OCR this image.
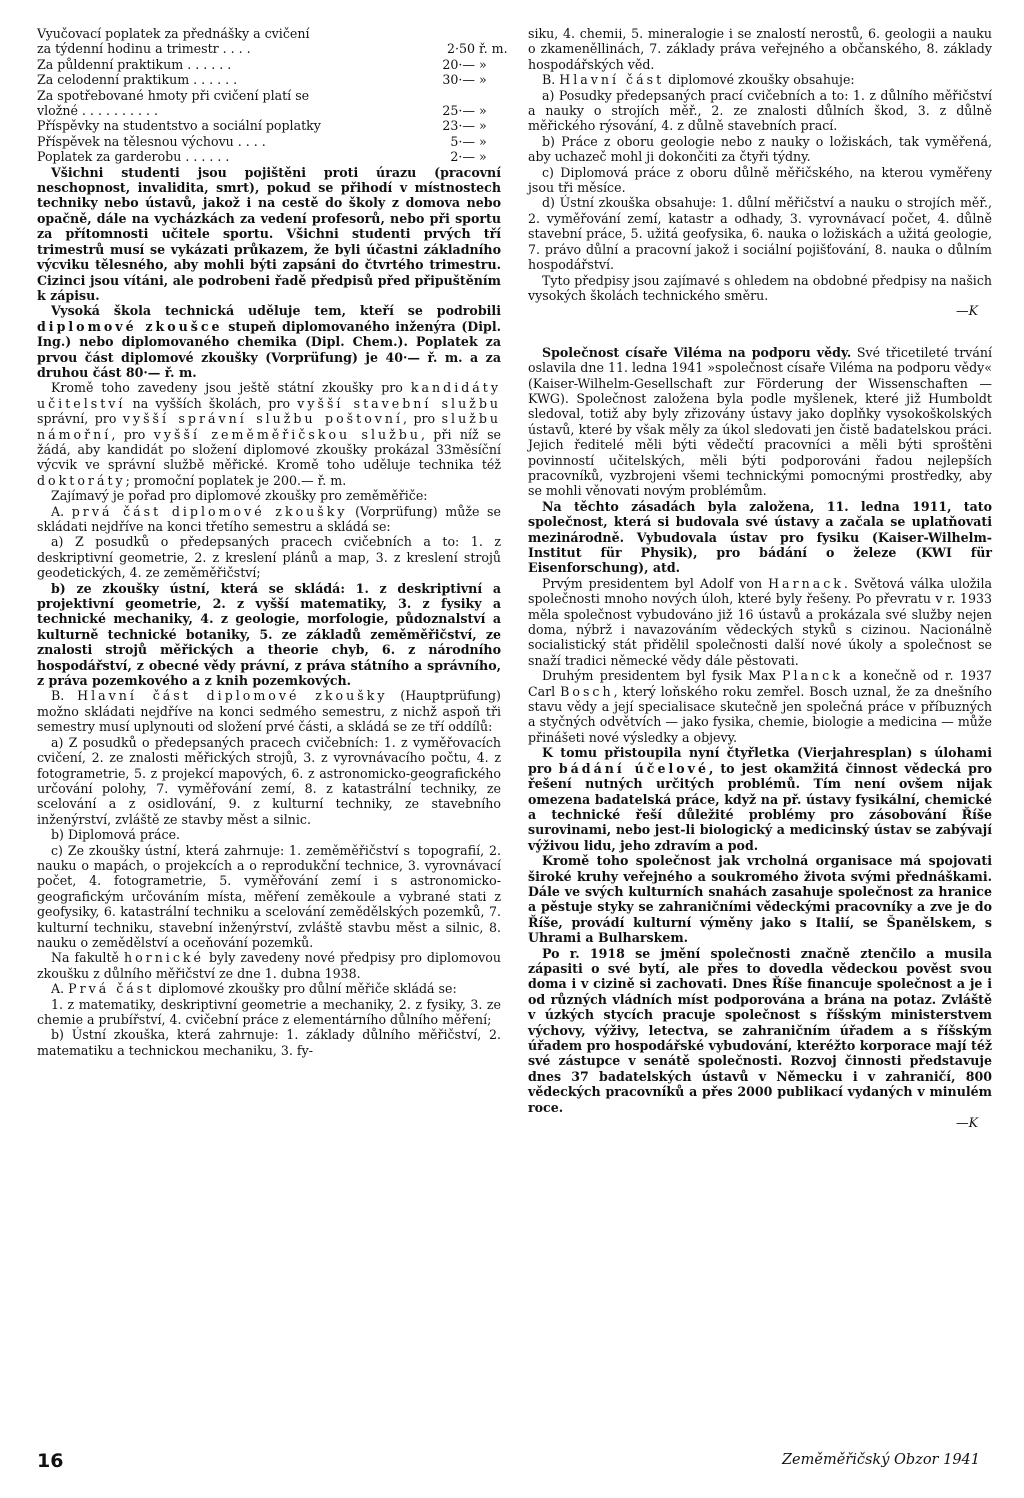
Vyučovací poplatek za přednášky a cvičení

za týdenní hodinu a trimestr . . . .	2·50 ř. m.
Za půldenní praktikum . . . . . .	20·— »
Za celodenní praktikum . . . . . .	30·— »
Za spotřebované hmoty při cvičení platí se
vložné . . . . . . . . . .	25·— »
Příspěvky na studentstvo a sociální poplatky	23·— »
Příspěvek na tělesnou výchovu . . . .	5·— »
Poplatek za garderobu . . . . . .	2·— »

Všichni studenti jsou pojištěni proti úrazu (pracovní neschopnost, invalidita, smrt), pokud se přihodí v místnostech techniky nebo ústavů, jakož i na cestě do školy z domova nebo opačně, dále na vycházkách za vedení profesorů, nebo při sportu za přítomnosti učitele sportu. Všichni studenti prvých tří trimestrů musí se vykázati průkazem, že byli účastni základního výcviku tělesného, aby mohli býti zapsáni do čtvrtého trimestru. Cizinci jsou vítáni, ale podrobeni řadě předpisů před připuštěním k zápisu.

Vysoká škola technická uděluje tem, kteří se podrobili diplomové zkoušce stupeň diplomovaného inženýra (Dipl. Ing.) nebo diplomovaného chemika (Dipl. Chem.). Poplatek za prvou část diplomové zkoušky (Vorprüfung) je 40·— ř. m. a za druhou část 80·— ř. m.

Kromě toho zavedeny jsou ještě státní zkoušky pro kandidáty učitelství na vyšších školách, pro vyšší stavební službu správní, pro vyšší správní službu poštovní, pro službu námořní, pro vyšší zeměměřičskou službu, při níž se žádá, aby kandidát po složení diplomové zkoušky prokázal 33měsíční výcvik ve správní službě měřické. Kromě toho uděluje technika též doktoráty; promoční poplatek je 200.— ř. m.

Zajímavý je pořad pro diplomové zkoušky pro zeměměřiče:

A. prvá část diplomové zkoušky (Vorprüfung) může se skládati nejdříve na konci třetího semestru a skládá se:

a) Z posudků o předepsaných pracech cvičebních a to: 1. z deskriptivní geometrie, 2. z kreslení plánů a map, 3. z kreslení strojů geodetických, 4. ze zeměměřičství;

b) ze zkoušky ústní, která se skládá: 1. z deskriptivní a projektivní geometrie, 2. z vyšší matematiky, 3. z fysiky a technické mechaniky, 4. z geologie, morfologie, půdoznalství a kulturně technické botaniky, 5. ze základů zeměměřičství, ze znalosti strojů měřických a theorie chyb, 6. z národního hospodářství, z obecné vědy právní, z práva státního a správního, z práva pozemkového a z knih pozemkových.

B. Hlavní část diplomové zkoušky (Hauptprüfung) možno skládati nejdříve na konci sedmého semestru, z nichž aspoň tři semestry musí uplynouti od složení prvé části, a skládá se ze tří oddílů:

a) Z posudků o předepsaných pracech cvičebních: 1. z vyměřovacích cvičení, 2. ze znalosti měřických strojů, 3. z vyrovnávacího počtu, 4. z fotogrametrie, 5. z projekcí mapových, 6. z astronomicko-geografického určování polohy, 7. vyměřování zemí, 8. z katastrální techniky, ze scelování a z osidlování, 9. z kulturní techniky, ze stavebního inženýrství, zvláště ze stavby měst a silnic.

b) Diplomová práce.

c) Ze zkoušky ústní, která zahrnuje: 1. zeměměřičství s topografií, 2. nauku o mapách, o projekcích a o reprodukční technice, 3. vyrovnávací počet, 4. fotogrametrie, 5. vyměřování zemí i s astronomicko-geografickým určováním místa, měření zeměkoule a vybrané stati z geofysiky, 6. katastrální techniku a scelování zemědělských pozemků, 7. kulturní techniku, stavební inženýrství, zvláště stavbu měst a silnic, 8. nauku o zemědělství a oceňování pozemků.

Na fakultě hornické byly zavedeny nové předpisy pro diplomovou zkoušku z důlního měřičství ze dne 1. dubna 1938.

A. Prvá část diplomové zkoušky pro důlní měřiče skládá se:

1. z matematiky, deskriptivní geometrie a mechaniky, 2. z fysiky, 3. ze chemie a prubířství, 4. cvičební práce z elementárního důlního měření;

b) Ústní zkouška, která zahrnuje: 1. základy důlního měřičství, 2. matematiku a technickou mechaniku, 3. fy-

siku, 4. chemii, 5. mineralogie i se znalostí nerostů, 6. geologii a nauku o zkameněllinách, 7. základy práva veřejného a občanského, 8. základy hospodářských věd.

B. Hlavní část diplomové zkoušky obsahuje:

a) Posudky předepsaných prací cvičebních a to: 1. z důlního měřičství a nauky o strojích měř., 2. ze znalosti důlních škod, 3. z důlně měřického rýsování, 4. z důlně stavebních prací.

b) Práce z oboru geologie nebo z nauky o ložiskách, tak vyměřená, aby uchazeč mohl ji dokončiti za čtyři týdny.

c) Diplomová práce z oboru důlně měřičského, na kterou vyměřeny jsou tři měsíce.

d) Ústní zkouška obsahuje: 1. důlní měřičství a nauku o strojích měř., 2. vyměřování zemí, katastr a odhady, 3. vyrovnávací počet, 4. důlně stavební práce, 5. užitá geofysika, 6. nauka o ložiskách a užitá geologie, 7. právo důlní a pracovní jakož i sociální pojišťování, 8. nauka o důlním hospodářství.

Tyto předpisy jsou zajímavé s ohledem na obdobné předpisy na našich vysokých školách technického směru.

—K

Společnost císaře Viléma na podporu vědy. Své třicetileté trvání oslavila dne 11. ledna 1941 »společnost císaře Viléma na podporu vědy« (Kaiser-Wilhelm-Gesellschaft zur Förderung der Wissenschaften — KWG). Společnost založena byla podle myšlenek, které již Humboldt sledoval, totiž aby byly zřizovány ústavy jako doplňky vysokoškolských ústavů, které by však měly za úkol sledovati jen čistě badatelskou práci. Jejich ředitelé měli býti vědečtí pracovníci a měli býti sproštěni povinností učitelských, měli býti podporováni řadou nejlepších pracovníků, vyzbrojeni všemi technickými pomocnými prostředky, aby se mohli věnovati novým problémům.

Na těchto zásadách byla založena, 11. ledna 1911, tato společnost, která si budovala své ústavy a začala se uplatňovati mezinárodně. Vybudovala ústav pro fysiku (Kaiser-Wilhelm-Institut für Physik), pro bádání o železe (KWI für Eisenforschung), atd.

Prvým presidentem byl Adolf von Harnack. Světová válka uložila společnosti mnoho nových úloh, které byly řešeny. Po převratu v r. 1933 měla společnost vybudováno již 16 ústavů a prokázala své služby nejen doma, nýbrž i navazováním vědeckých styků s cizinou. Nacionálně socialistický stát přidělil společnosti další nové úkoly a společnost se snaží tradici německé vědy dále pěstovati.

Druhým presidentem byl fysik Max Planck a konečně od r. 1937 Carl Bosch, který loňského roku zemřel. Bosch uznal, že za dnešního stavu vědy a její specialisace skutečně jen společná práce v příbuzných a styčných odvětvích — jako fysika, chemie, biologie a medicina — může přinášeti nové výsledky a objevy.

K tomu přistoupila nyní čtyřletka (Vierjahresplan) s úlohami pro bádání účelové, to jest okamžitá činnost vědecká pro řešení nutných určitých problémů. Tím není ovšem nijak omezena badatelská práce, když na př. ústavy fysikální, chemické a technické řeší důležité problémy pro zásobování Říše surovinami, nebo jest-li biologický a medicinský ústav se zabývají výživou lidu, jeho zdravím a pod.

Kromě toho společnost jak vrcholná organisace má spojovati široké kruhy veřejného a soukromého života svými přednáškami. Dále ve svých kulturních snahách zasahuje společnost za hranice a pěstuje styky se zahraničními vědeckými pracovníky a zve je do Říše, provádí kulturní výměny jako s Italií, se Španělskem, s Uhrami a Bulharskem.

Po r. 1918 se jmění společnosti značně ztenčilo a musila zápasiti o své bytí, ale přes to dovedla vědeckou pověst svou doma i v cizině si zachovati. Dnes Říše financuje společnost a je i od různých vládních míst podporována a brána na potaz. Zvláště v úzkých stycích pracuje společnost s říšským ministerstvem výchovy, výživy, letectva, se zahraničním úřadem a s říšským úřadem pro hospodářské vybudování, kteréžto korporace mají též své zástupce v senátě společnosti. Rozvoj činnosti představuje dnes 37 badatelských ústavů v Německu i v zahraničí, 800 vědeckých pracovníků a přes 2000 publikací vydaných v minulém roce.

—K

16	Zeměměřičský Obzor 1941
